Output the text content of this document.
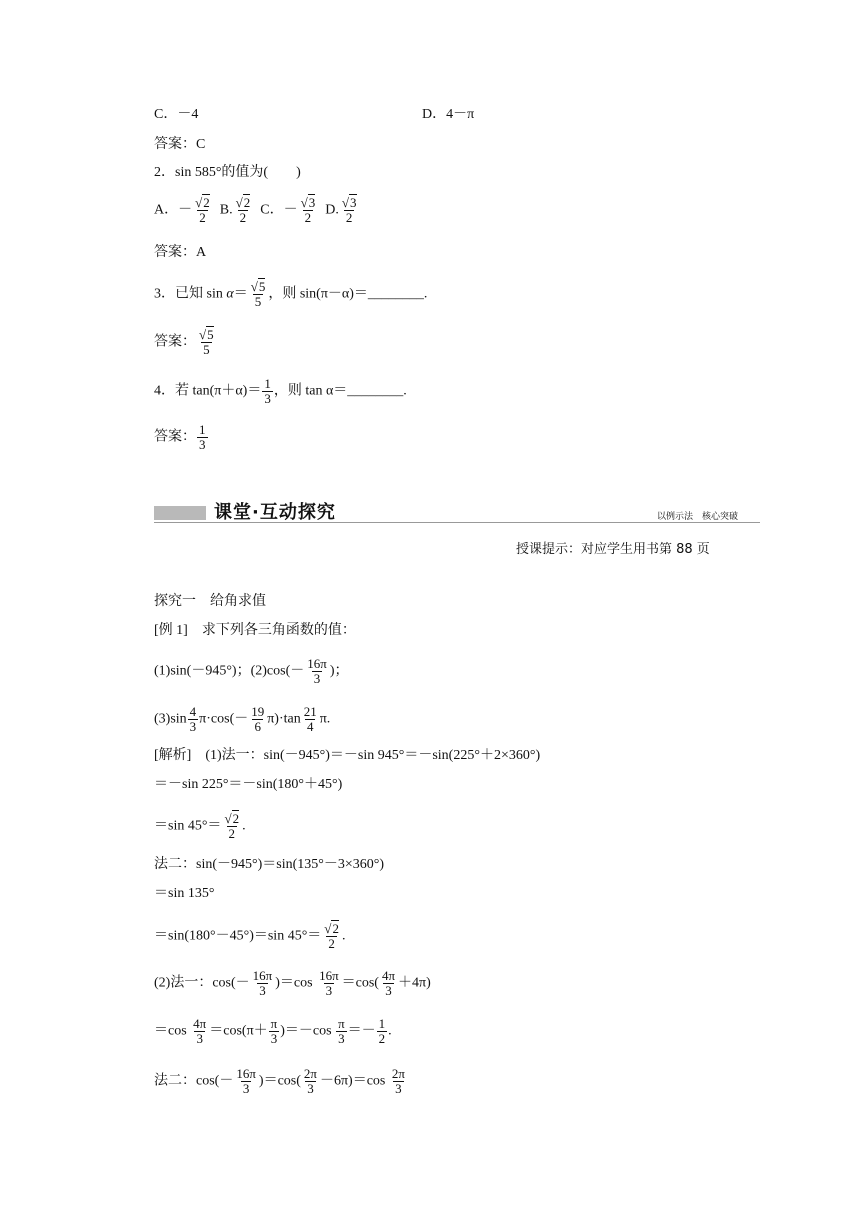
C．－4	D．4－π
答案：C
2．sin 585°的值为(　　)
A．－ $\frac{√2}{2} B$. $\frac{√2}{2}$ C．－ $\frac{√3}{2} D$. $\frac{√3}{2}$
答案：A
3．已知 $\sin \alpha= \frac{√5}{5}$ ，则 sin(π－α)＝________.
答案： $\frac{√5}{5}$
4．若 $\tan(\pi+\alpha)= \frac{1}{3}$ ，则 tan α＝________.
答案： $\frac{1}{3}$
课堂·互动探究	以例示法　核心突破
授课提示：对应学生用书第 88 页
探究一　给角求值
[例 1]　求下列各三角函数的值：
(1)sin(－945°)；$(2)\cos(- \frac{16\pi}{3}$ )；
$(3)\sin \frac{4}{3} \pi\cdot\cos(- \frac{19}{6} \pi)\cdot\tan \frac{21}{4} \pi$.
[解析]　(1)法一：sin(－945°)＝－sin 945°＝－sin(225°＋2×360°)
＝－sin 225°＝－sin(180°＋45°)
＝sin $45^\circ= \frac{√2}{2}$ .
法二：sin(－945°)＝sin(135°－3×360°)
＝sin 135°
＝sin(180°－45°)＝sin $45^\circ= \frac{√2}{2}$ .
(2)法一：$\cos(- \frac{16\pi}{3} )=\cos \frac{16\pi}{3} =\cos( \frac{4\pi}{3} +4\pi)$
$=\cos \frac{4\pi}{3} =\cos(\pi+ \frac{\pi}{3} )=-\cos \frac{\pi}{3} =- \frac{1}{2}$ .
法二：$\cos(- \frac{16\pi}{3} )=\cos( \frac{2\pi}{3} -6\pi)=\cos \frac{2\pi}{3}$
